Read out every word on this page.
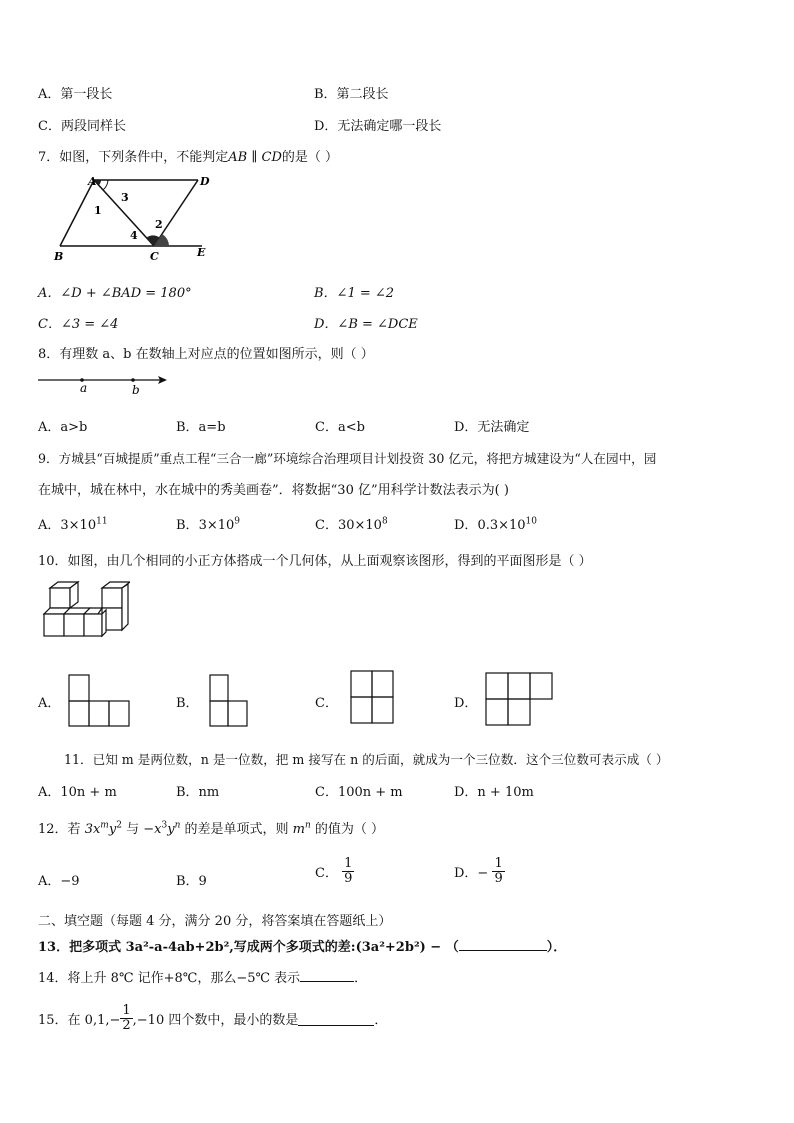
A．第一段长	B．第二段长
C．两段同样长	D．无法确定哪一段长
7．如图，下列条件中，不能判定AB ∥ CD的是（ ）
A	D
B	C	E
1
2
3
4
A．∠D + ∠BAD = 180°	B．∠1 = ∠2
C．∠3 = ∠4	D．∠B = ∠DCE
8．有理数 a、b 在数轴上对应点的位置如图所示，则（ ）
a	b
A．a>b	B．a=b	C．a<b	D．无法确定
9．方城县“百城提质”重点工程“三合一廊”环境综合治理项目计划投资 30 亿元，将把方城建设为“人在园中，园
在城中，城在林中，水在城中的秀美画卷”．将数据“30 亿”用科学计数法表示为( )
A．$3\times 10^{11}$	B．$3\times 10^9$	C．$30\times 10^8$	D．$0.3\times 10^{10}$
10．如图，由几个相同的小正方体搭成一个几何体，从上面观察该图形，得到的平面图形是（ ）
A．	B．	C．	D．
11．已知 m 是两位数，n 是一位数，把 m 接写在 n 的后面，就成为一个三位数．这个三位数可表示成（ ）
A．10n + m	B．nm	C．100n + m	D．n + 10m
12．若 $3x^my^2$ 与 $-x^3y^n$ 的差是单项式，则 $m^n$ 的值为（ ）
A．−9	B．9
C． $\frac{1}{9}$	D．− $\frac{1}{9}$
二、填空题（每题 4 分，满分 20 分，将答案填在答题纸上）
13．把多项式 3a²-a-4ab+2b²,写成两个多项式的差:(3a²+2b²) − （	）．
14．将上升 8℃ 记作+8℃，那么−5℃ 表示	．
15．在 $0,1,- \frac{1}{2} ,-10$ 四个数中，最小的数是	．
